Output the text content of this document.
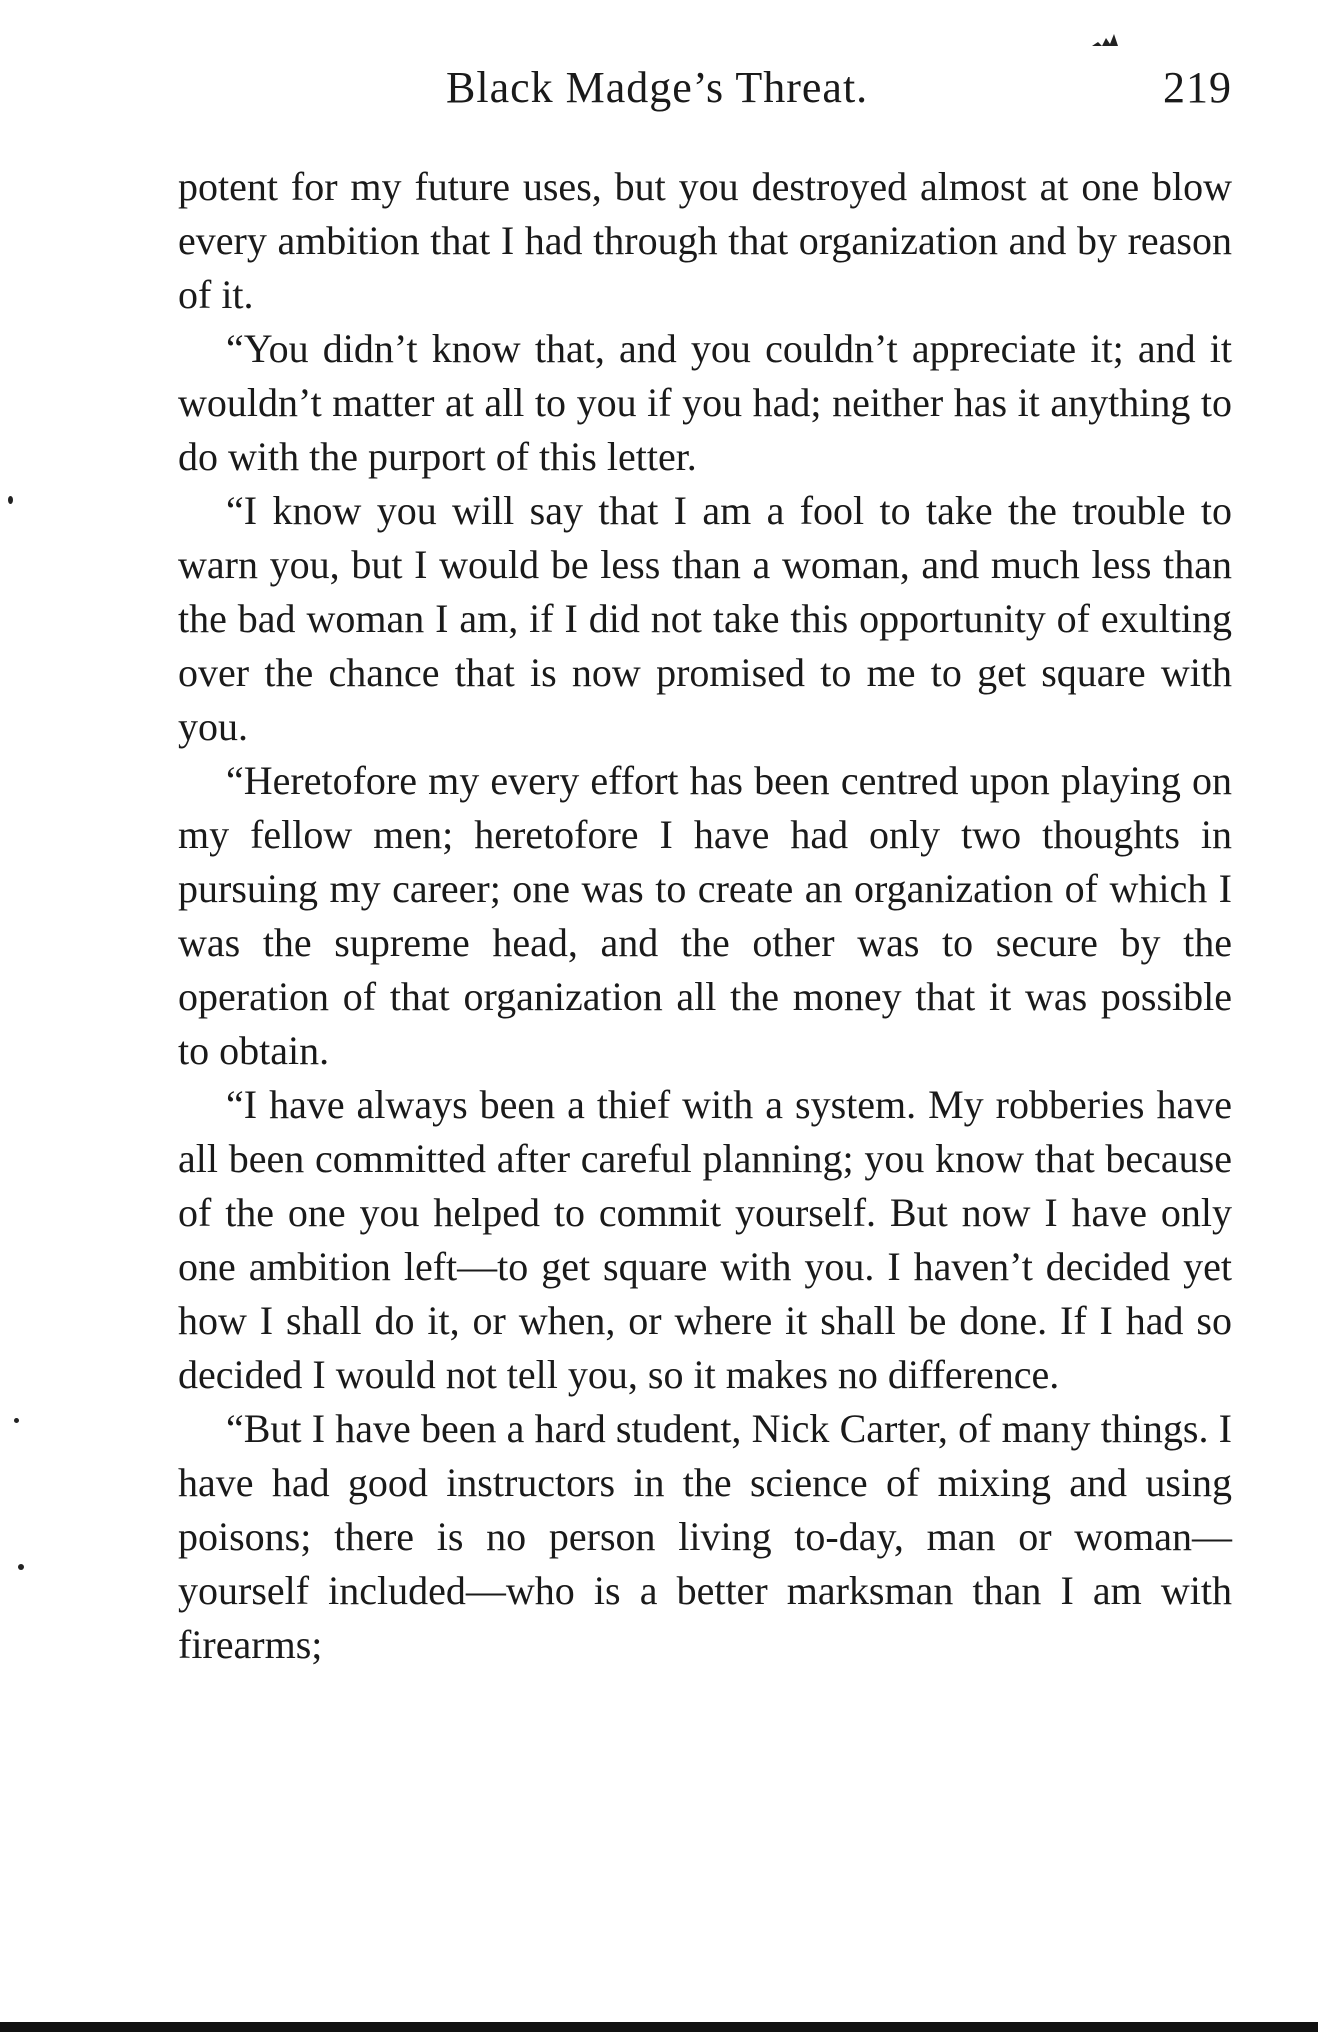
Black Madge’s Threat.	219

potent for my future uses, but you destroyed almost at one blow every ambition that I had through that organization and by reason of it.

“You didn’t know that, and you couldn’t appreciate it; and it wouldn’t matter at all to you if you had; neither has it anything to do with the purport of this letter.

“I know you will say that I am a fool to take the trouble to warn you, but I would be less than a woman, and much less than the bad woman I am, if I did not take this opportunity of exulting over the chance that is now promised to me to get square with you.

“Heretofore my every effort has been centred upon playing on my fellow men; heretofore I have had only two thoughts in pursuing my career; one was to create an organization of which I was the supreme head, and the other was to secure by the operation of that organization all the money that it was possible to obtain.

“I have always been a thief with a system. My robberies have all been committed after careful planning; you know that because of the one you helped to commit yourself. But now I have only one ambition left—to get square with you. I haven’t decided yet how I shall do it, or when, or where it shall be done. If I had so decided I would not tell you, so it makes no difference.

“But I have been a hard student, Nick Carter, of many things. I have had good instructors in the science of mixing and using poisons; there is no person living to-day, man or woman—yourself included—who is a better marksman than I am with firearms;
